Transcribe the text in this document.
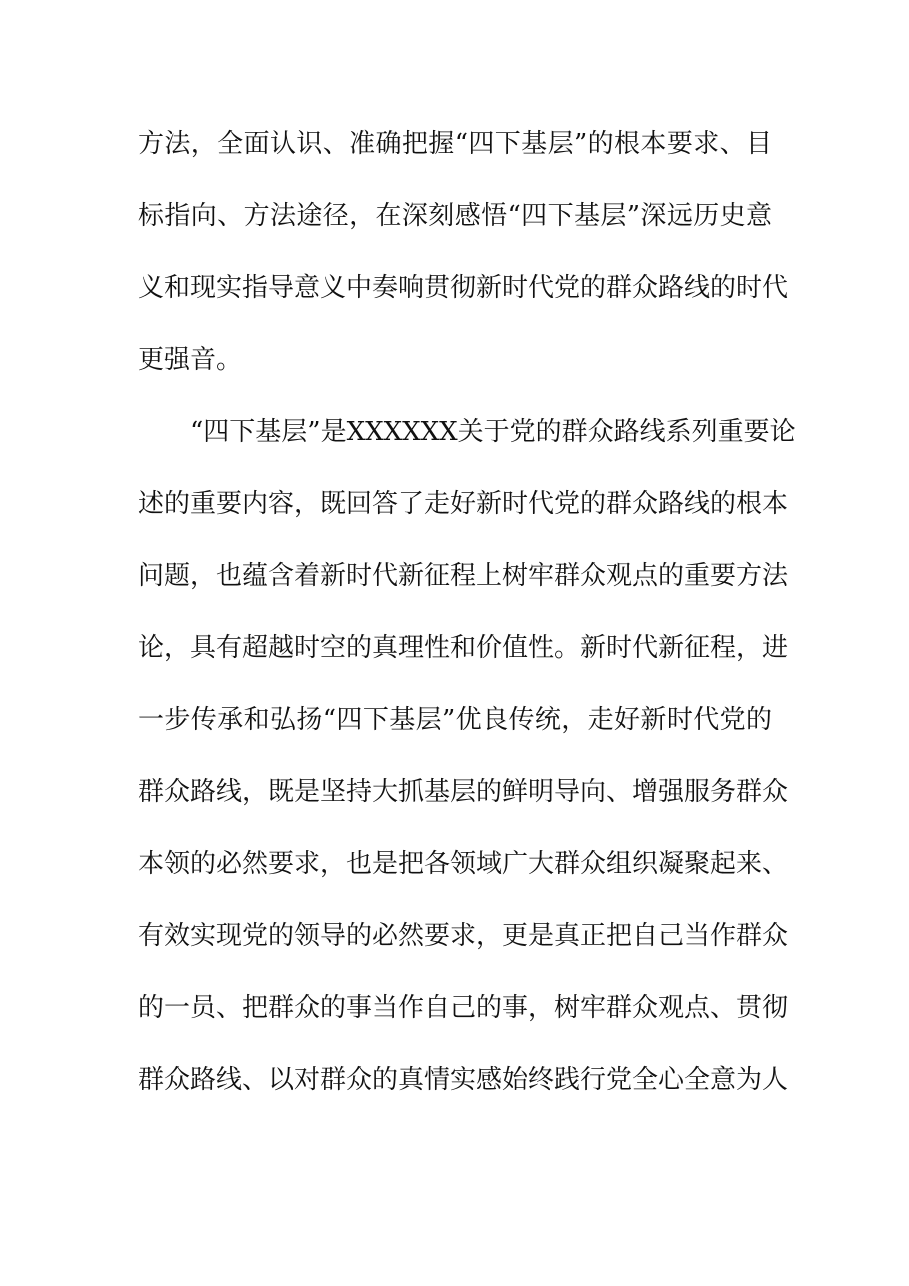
方法，全面认识、准确把握“四下基层”的根本要求、目
标指向、方法途径，在深刻感悟“四下基层”深远历史意
义和现实指导意义中奏响贯彻新时代党的群众路线的时代
更强音。
“四下基层”是XXXXXX关于党的群众路线系列重要论
述的重要内容，既回答了走好新时代党的群众路线的根本
问题，也蕴含着新时代新征程上树牢群众观点的重要方法
论，具有超越时空的真理性和价值性。新时代新征程，进
一步传承和弘扬“四下基层”优良传统，走好新时代党的
群众路线，既是坚持大抓基层的鲜明导向、增强服务群众
本领的必然要求，也是把各领域广大群众组织凝聚起来、
有效实现党的领导的必然要求，更是真正把自己当作群众
的一员、把群众的事当作自己的事，树牢群众观点、贯彻
群众路线、以对群众的真情实感始终践行党全心全意为人
